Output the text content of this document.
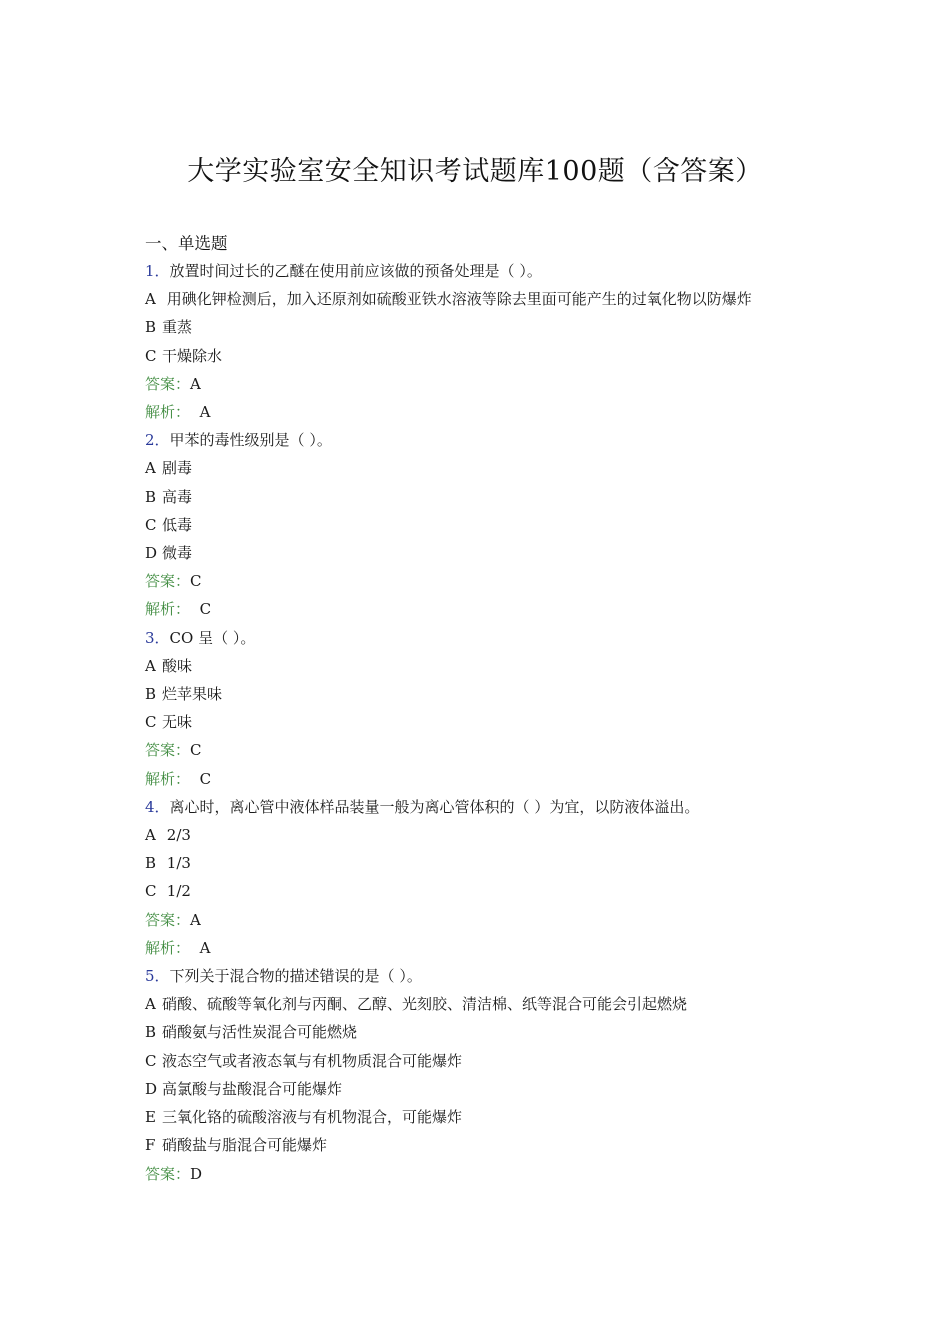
大学实验室安全知识考试题库100题（含答案）
一、单选题
1．放置时间过长的乙醚在使用前应该做的预备处理是（ ）。
A 用碘化钾检测后，加入还原剂如硫酸亚铁水溶液等除去里面可能产生的过氧化物以防爆炸
B 重蒸
C 干燥除水
答案：A
解析： A
2．甲苯的毒性级别是（ ）。
A 剧毒
B 高毒
C 低毒
D 微毒
答案：C
解析： C
3．CO 呈（ ）。
A 酸味
B 烂苹果味
C 无味
答案：C
解析： C
4．离心时，离心管中液体样品装量一般为离心管体积的（ ）为宜，以防液体溢出。
A 2/3
B 1/3
C 1/2
答案：A
解析： A
5．下列关于混合物的描述错误的是（ ）。
A 硝酸、硫酸等氧化剂与丙酮、乙醇、光刻胶、清洁棉、纸等混合可能会引起燃烧
B 硝酸氨与活性炭混合可能燃烧
C 液态空气或者液态氧与有机物质混合可能爆炸
D 高氯酸与盐酸混合可能爆炸
E 三氧化铬的硫酸溶液与有机物混合，可能爆炸
F 硝酸盐与脂混合可能爆炸
答案：D
